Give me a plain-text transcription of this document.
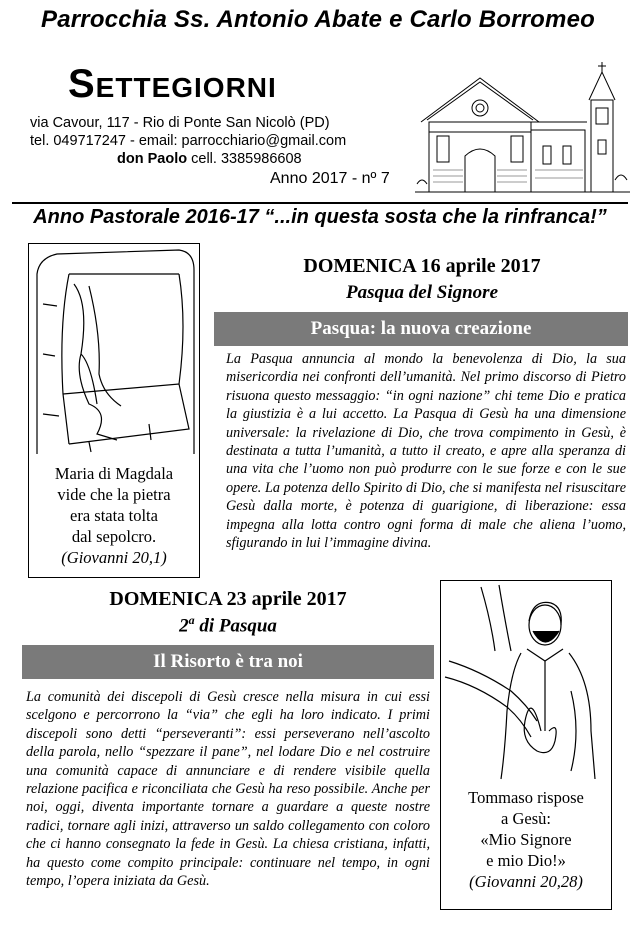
Parrocchia Ss. Antonio Abate e Carlo Borromeo
Settegiorni
via Cavour, 117 - Rio di Ponte San Nicolò (PD)
tel. 049717247 - email: parrocchiario@gmail.com
don Paolo cell. 3385986608
Anno 2017 - nº 7
Anno Pastorale 2016-17 “...in questa sosta che la rinfranca!”
Maria di Magdala
vide che la pietra
era stata tolta
dal sepolcro.
(Giovanni 20,1)
DOMENICA 16 aprile 2017
Pasqua del Signore
Pasqua: la nuova creazione
La Pasqua annuncia al mondo la benevolenza di Dio, la sua misericordia nei confronti dell’umanità. Nel primo discorso di Pietro risuona questo messaggio: “in ogni nazione” chi teme Dio e pratica la giustizia è a lui accetto. La Pasqua di Gesù ha una dimensione universale: la rivelazione di Dio, che trova compimento in Gesù, è destinata a tutta l’umanità, a tutto il creato, e apre alla speranza di una vita che l’uomo non può produrre con le sue forze e con le sue opere. La potenza dello Spirito di Dio, che si manifesta nel risuscitare Gesù dalla morte, è potenza di guarigione, di liberazione: essa impegna alla lotta contro ogni forma di male che aliena l’uomo, sfigurando in lui l’immagine divina.
DOMENICA 23 aprile 2017
2$^a$ di Pasqua
Il Risorto è tra noi
La comunità dei discepoli di Gesù cresce nella misura in cui essi scelgono e percorrono la “via” che egli ha loro indicato. I primi discepoli sono detti “perseveranti”: essi perseverano nell’ascolto della parola, nello “spezzare il pane”, nel lodare Dio e nel costruire una comunità capace di annunciare e di rendere visibile quella relazione pacifica e riconciliata che Gesù ha reso possibile. Anche per noi, oggi, diventa importante tornare a guardare a queste nostre radici, tornare agli inizi, attraverso un saldo collegamento con coloro che ci hanno consegnato la fede in Gesù. La chiesa cristiana, infatti, ha questo come compito principale: continuare nel tempo, in ogni tempo, l’opera iniziata da Gesù.
Tommaso rispose
a Gesù:
«Mio Signore
e mio Dio!»
(Giovanni 20,28)
